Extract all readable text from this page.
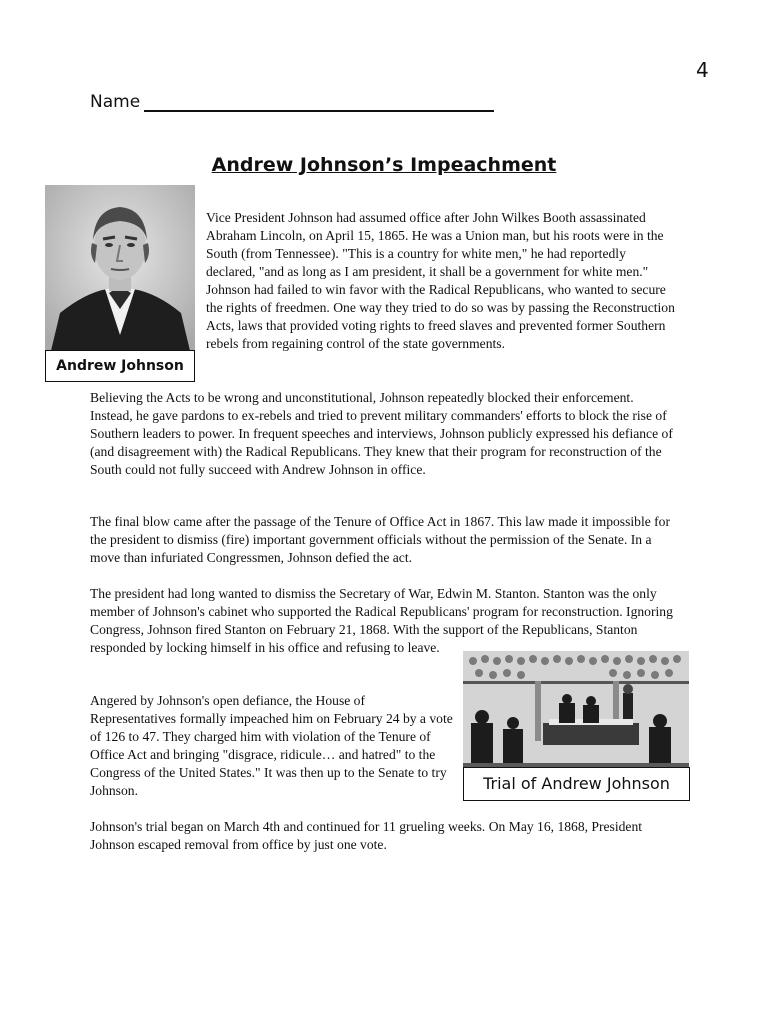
4
Name
Andrew Johnson’s Impeachment
Andrew Johnson

Vice President Johnson had assumed office after John Wilkes Booth assassinated Abraham Lincoln, on April 15, 1865. He was a Union man, but his roots were in the South (from Tennessee). "This is a country for white men," he had reportedly declared, "and as long as I am president, it shall be a government for white men." Johnson had failed to win favor with the Radical Republicans, who wanted to secure the rights of freedmen. One way they tried to do so was by passing the Reconstruction Acts, laws that provided voting rights to freed slaves and prevented former Southern rebels from regaining control of the state governments.

Believing the Acts to be wrong and unconstitutional, Johnson repeatedly blocked their enforcement. Instead, he gave pardons to ex-rebels and tried to prevent military commanders' efforts to block the rise of Southern leaders to power. In frequent speeches and interviews, Johnson publicly expressed his defiance of (and disagreement with) the Radical Republicans. They knew that their program for reconstruction of the South could not fully succeed with Andrew Johnson in office.

The final blow came after the passage of the Tenure of Office Act in 1867. This law made it impossible for the president to dismiss (fire) important government officials without the permission of the Senate. In a move than infuriated Congressmen, Johnson defied the act.

The president had long wanted to dismiss the Secretary of War, Edwin M. Stanton. Stanton was the only member of Johnson's cabinet who supported the Radical Republicans' program for reconstruction. Ignoring Congress, Johnson fired Stanton on February 21, 1868. With the support of the Republicans, Stanton responded by locking himself in his office and refusing to leave.

Angered by Johnson's open defiance, the House of Representatives formally impeached him on February 24 by a vote of 126 to 47. They charged him with violation of the Tenure of Office Act and bringing "disgrace, ridicule… and hatred" to the Congress of the United States." It was then up to the Senate to try Johnson.

Johnson's trial began on March 4th and continued for 11 grueling weeks. On May 16, 1868, President Johnson escaped removal from office by just one vote.

Trial of Andrew Johnson
